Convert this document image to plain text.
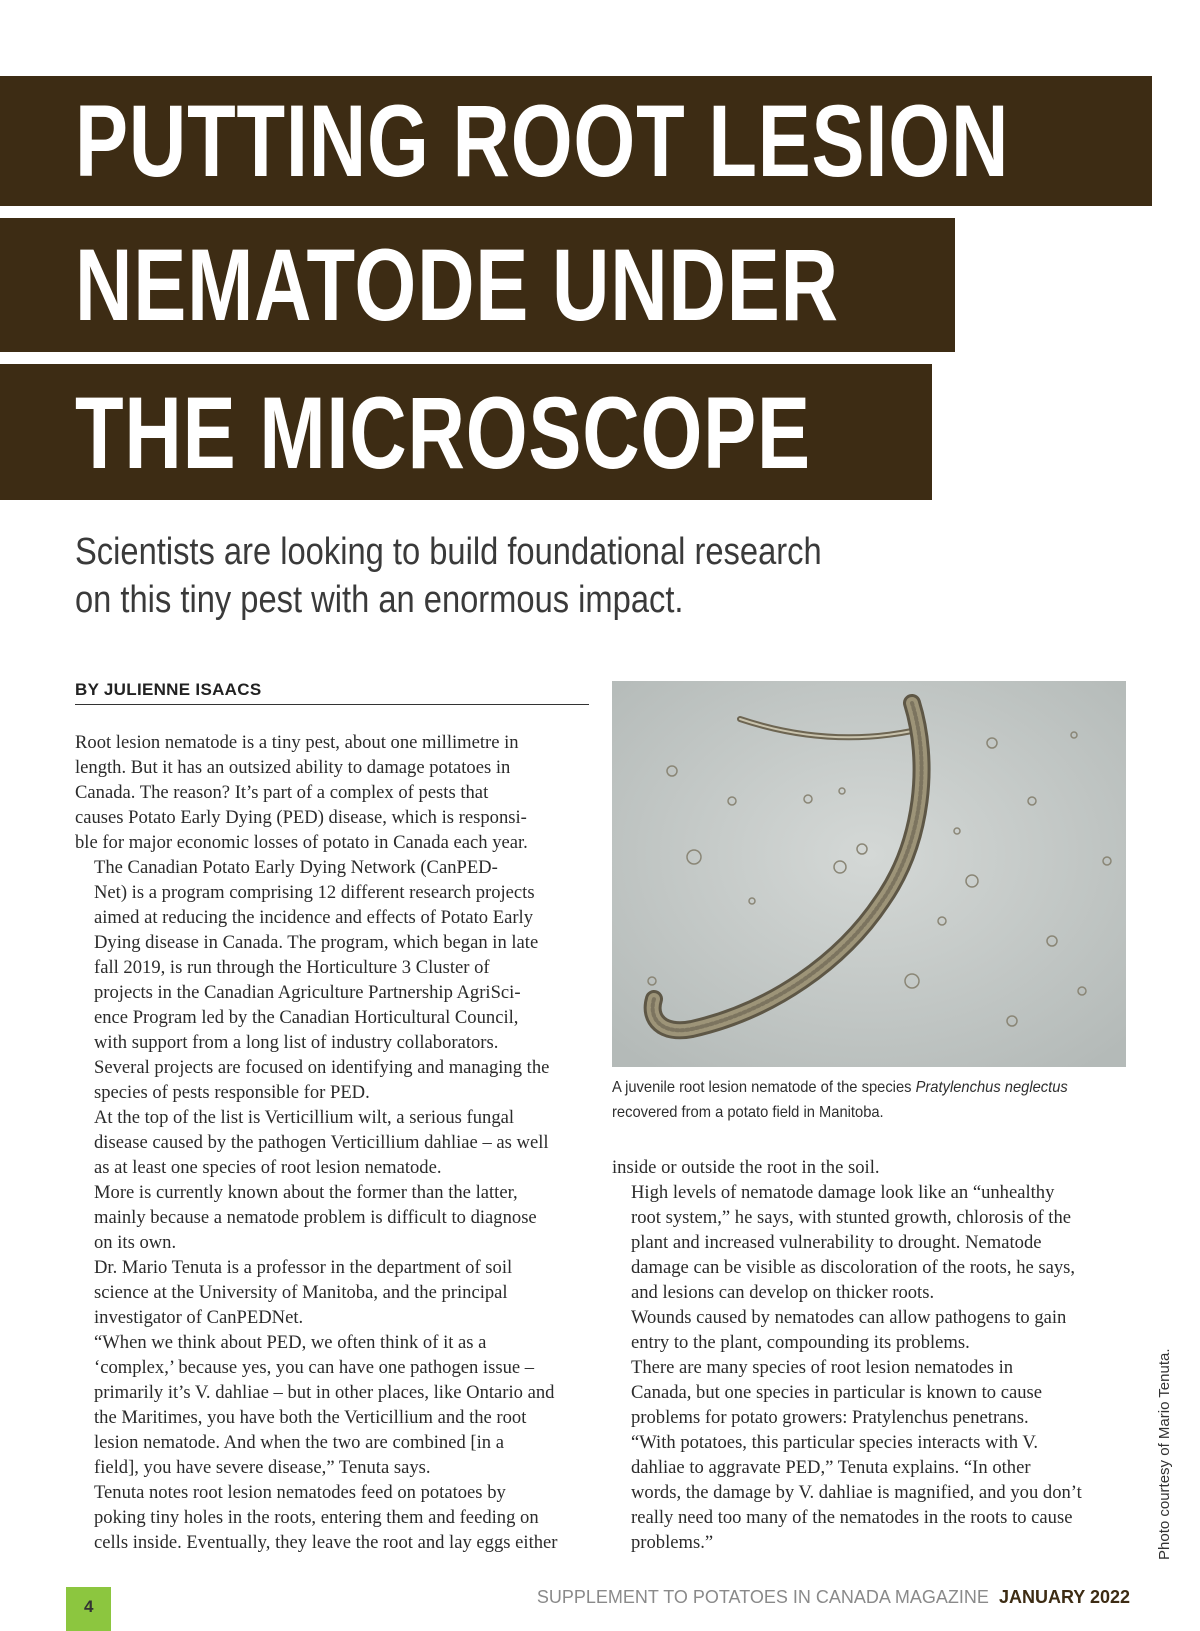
PUTTING ROOT LESION
NEMATODE UNDER
THE MICROSCOPE
Scientists are looking to build foundational research
on this tiny pest with an enormous impact.
BY JULIENNE ISAACS

Root lesion nematode is a tiny pest, about one millimetre in
length. But it has an outsized ability to damage potatoes in
Canada. The reason? It’s part of a complex of pests that
causes Potato Early Dying (PED) disease, which is responsi-
ble for major economic losses of potato in Canada each year.

The Canadian Potato Early Dying Network (CanPED-
Net) is a program comprising 12 different research projects
aimed at reducing the incidence and effects of Potato Early
Dying disease in Canada. The program, which began in late
fall 2019, is run through the Horticulture 3 Cluster of
projects in the Canadian Agriculture Partnership AgriSci-
ence Program led by the Canadian Horticultural Council,
with support from a long list of industry collaborators.
Several projects are focused on identifying and managing the
species of pests responsible for PED.

At the top of the list is Verticillium wilt, a serious fungal
disease caused by the pathogen Verticillium dahliae – as well
as at least one species of root lesion nematode.

More is currently known about the former than the latter,
mainly because a nematode problem is difficult to diagnose
on its own.

Dr. Mario Tenuta is a professor in the department of soil
science at the University of Manitoba, and the principal
investigator of CanPEDNet.

“When we think about PED, we often think of it as a
‘complex,’ because yes, you can have one pathogen issue –
primarily it’s V. dahliae – but in other places, like Ontario and
the Maritimes, you have both the Verticillium and the root
lesion nematode. And when the two are combined [in a
field], you have severe disease,” Tenuta says.

Tenuta notes root lesion nematodes feed on potatoes by
poking tiny holes in the roots, entering them and feeding on
cells inside. Eventually, they leave the root and lay eggs either

inside or outside the root in the soil.

High levels of nematode damage look like an “unhealthy
root system,” he says, with stunted growth, chlorosis of the
plant and increased vulnerability to drought. Nematode
damage can be visible as discoloration of the roots, he says,
and lesions can develop on thicker roots.

Wounds caused by nematodes can allow pathogens to gain
entry to the plant, compounding its problems.

There are many species of root lesion nematodes in
Canada, but one species in particular is known to cause
problems for potato growers: Pratylenchus penetrans.

“With potatoes, this particular species interacts with V.
dahliae to aggravate PED,” Tenuta explains. “In other
words, the damage by V. dahliae is magnified, and you don’t
really need too many of the nematodes in the roots to cause
problems.”

A juvenile root lesion nematode of the species Pratylenchus neglectus
recovered from a potato field in Manitoba.
Photo courtesy of Mario Tenuta.
4	SUPPLEMENT TO POTATOES IN CANADA MAGAZINE JANUARY 2022
